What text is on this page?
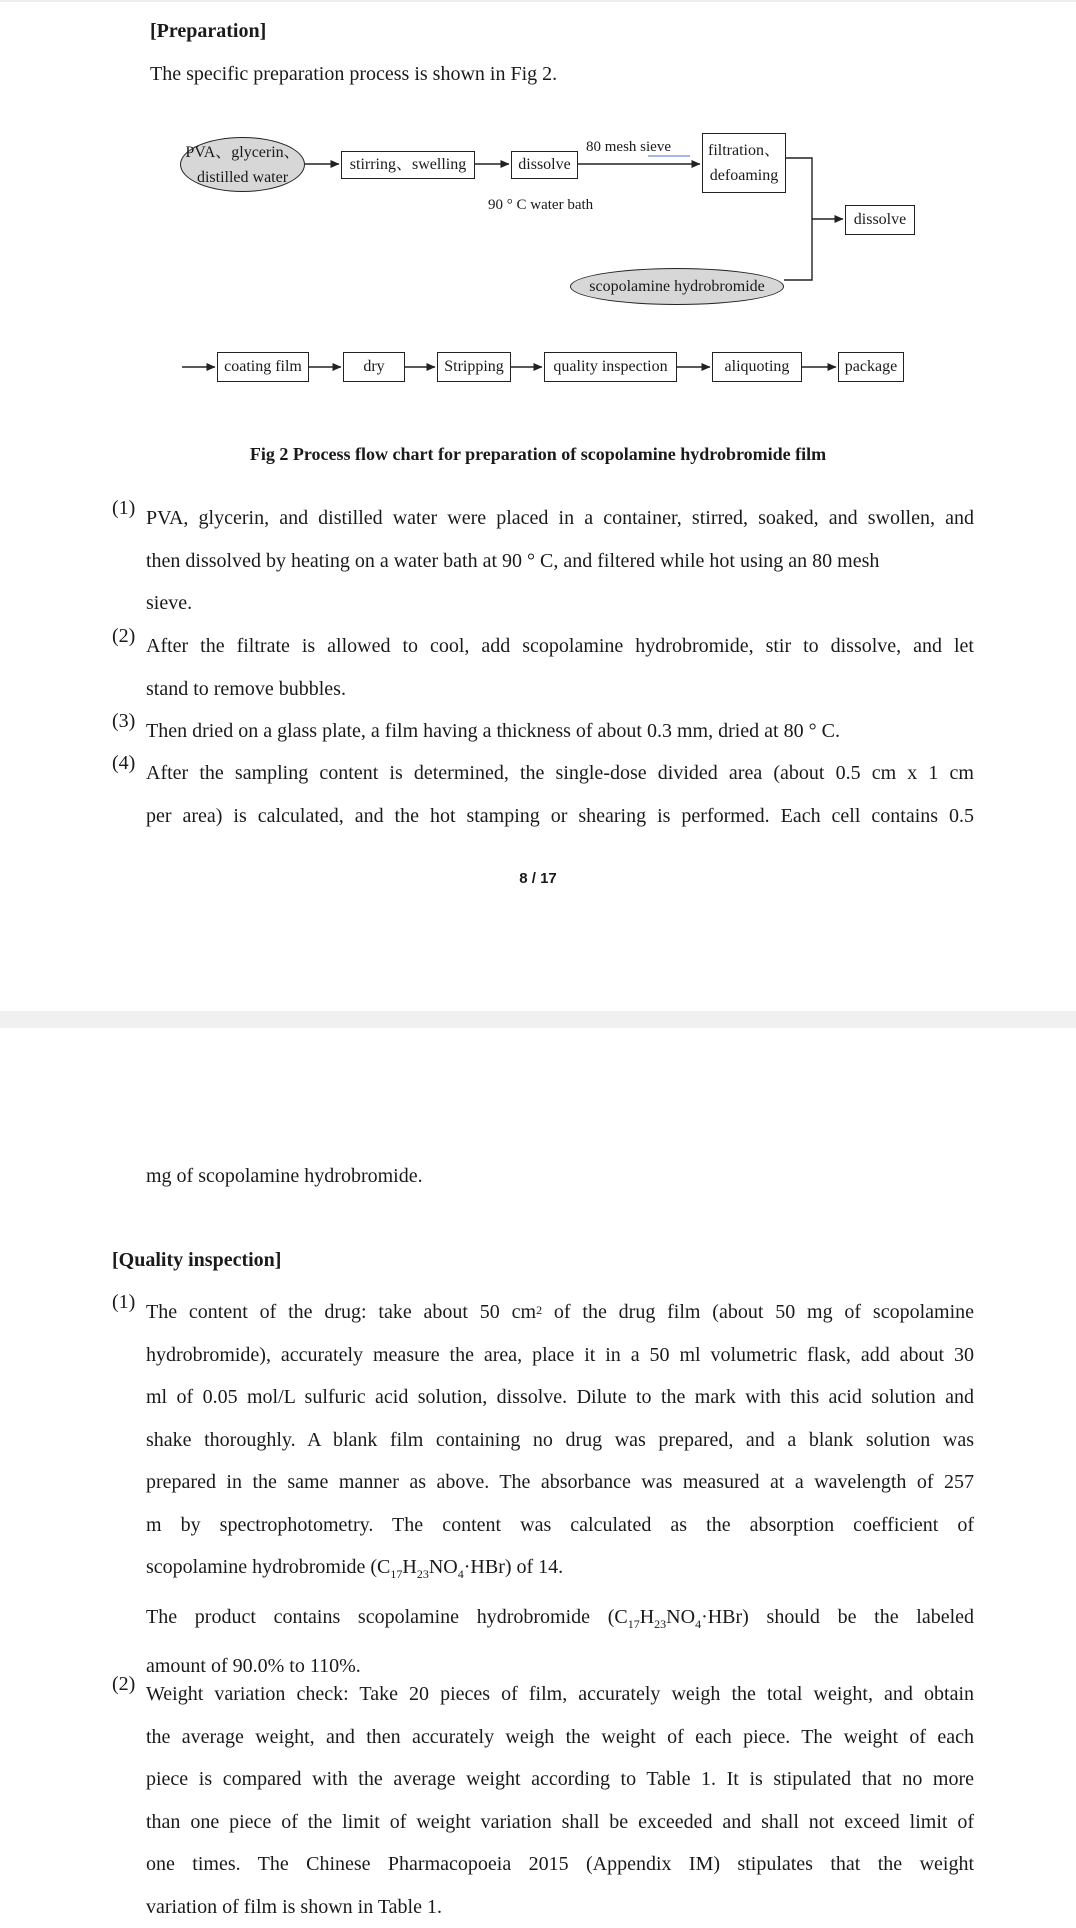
[Preparation]
The specific preparation process is shown in Fig 2.
PVA、glycerin、
distilled water
stirring、swelling	dissolve
80 mesh sieve
90 ° C water bath
filtration、
defoaming
dissolve
scopolamine hydrobromide
coating film	dry	Stripping	quality inspection	aliquoting	package
Fig 2 Process flow chart for preparation of scopolamine hydrobromide film
(1) PVA, glycerin, and distilled water were placed in a container, stirred, soaked, and swollen, and
then dissolved by heating on a water bath at 90 ° C, and filtered while hot using an 80 mesh
sieve.
(2) After the filtrate is allowed to cool, add scopolamine hydrobromide, stir to dissolve, and let
stand to remove bubbles.
(3) Then dried on a glass plate, a film having a thickness of about 0.3 mm, dried at 80 ° C.
(4) After the sampling content is determined, the single-dose divided area (about 0.5 cm x 1 cm
per area) is calculated, and the hot stamping or shearing is performed. Each cell contains 0.5
8 / 17
mg of scopolamine hydrobromide.
[Quality inspection]
(1) The content of the drug: take about 50 $cm^2$ of the drug film (about 50 mg of scopolamine
hydrobromide), accurately measure the area, place it in a 50 ml volumetric flask, add about 30
ml of 0.05 mol/L sulfuric acid solution, dissolve. Dilute to the mark with this acid solution and
shake thoroughly. A blank film containing no drug was prepared, and a blank solution was
prepared in the same manner as above. The absorbance was measured at a wavelength of 257
m by spectrophotometry. The content was calculated as the absorption coefficient of
scopolamine hydrobromide $(C_{17}H_{23}NO_4\cdot HBr)$ of 14.
The product contains scopolamine hydrobromide $(C_{17}H_{23}NO_4\cdot HBr)$ should be the labeled
amount of 90.0% to 110%.
(2) Weight variation check: Take 20 pieces of film, accurately weigh the total weight, and obtain
the average weight, and then accurately weigh the weight of each piece. The weight of each
piece is compared with the average weight according to Table 1. It is stipulated that no more
than one piece of the limit of weight variation shall be exceeded and shall not exceed limit of
one times. The Chinese Pharmacopoeia 2015 (Appendix IM) stipulates that the weight
variation of film is shown in Table 1.
